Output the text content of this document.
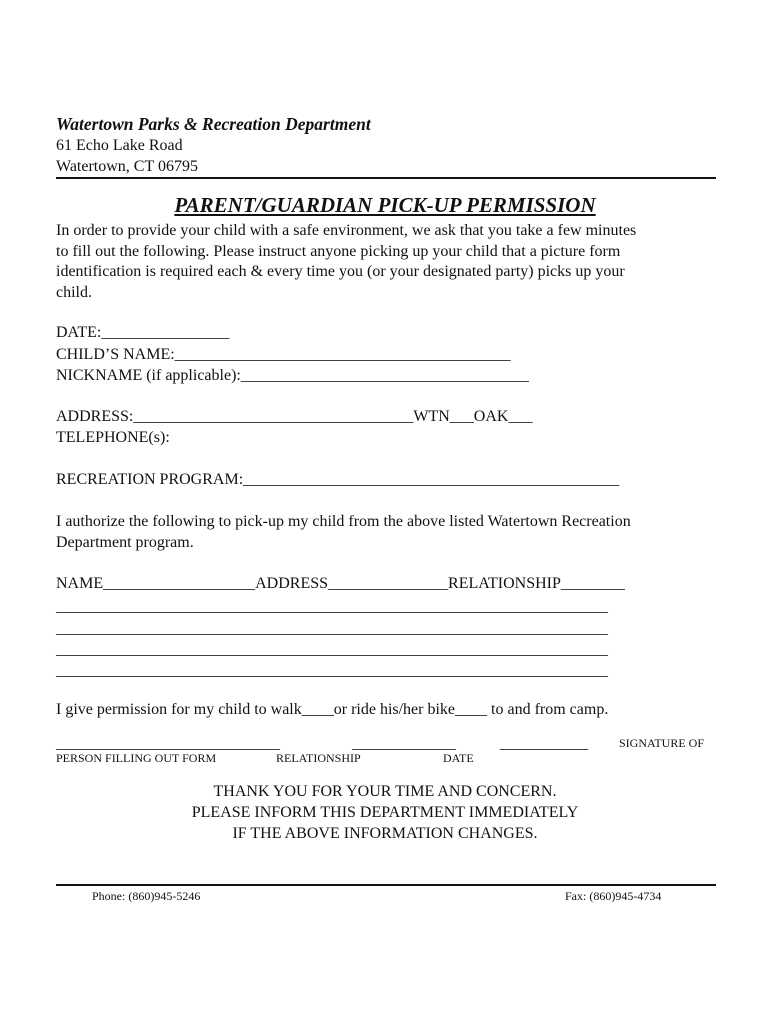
Watertown Parks & Recreation Department
61 Echo Lake Road
Watertown, CT 06795
PARENT/GUARDIAN PICK-UP PERMISSION
In order to provide your child with a safe environment, we ask that you take a few minutes
to fill out the following. Please instruct anyone picking up your child that a picture form
identification is required each & every time you (or your designated party) picks up your
child.
DATE:________________
CHILD’S NAME:__________________________________________
NICKNAME (if applicable):____________________________________
ADDRESS:___________________________________WTN___OAK___
TELEPHONE(s):
RECREATION PROGRAM:_______________________________________________
I authorize the following to pick-up my child from the above listed Watertown Recreation
Department program.
NAME___________________ADDRESS_______________RELATIONSHIP________
_____________________________________________________________________
_____________________________________________________________________
_____________________________________________________________________
_____________________________________________________________________
I give permission for my child to walk____or ride his/her bike____ to and from camp.
____________________________	_____________	___________	SIGNATURE OF
PERSON FILLING OUT FORM	RELATIONSHIP	DATE
THANK YOU FOR YOUR TIME AND CONCERN.
PLEASE INFORM THIS DEPARTMENT IMMEDIATELY
IF THE ABOVE INFORMATION CHANGES.
Phone: (860)945-5246	Fax: (860)945-4734
